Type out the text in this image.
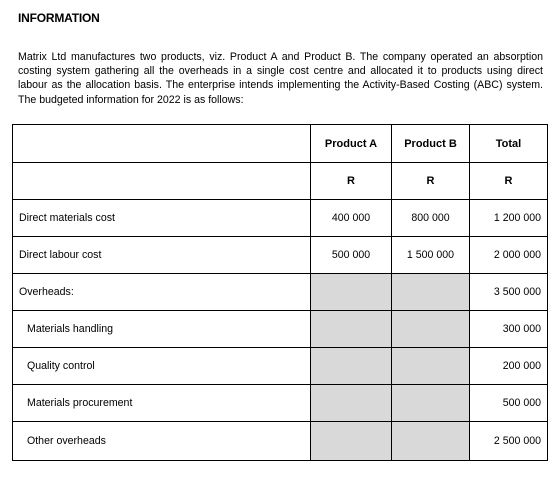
INFORMATION
Matrix Ltd manufactures two products, viz. Product A and Product B. The company operated an absorption costing system gathering all the overheads in a single cost centre and allocated it to products using direct labour as the allocation basis. The enterprise intends implementing the Activity-Based Costing (ABC) system. The budgeted information for 2022 is as follows:
	Product A	Product B	Total
	R	R	R
Direct materials cost	400 000	800 000	1 200 000
Direct labour cost	500 000	1 500 000	2 000 000
Overheads:			3 500 000
Materials handling			300 000
Quality control			200 000
Materials procurement			500 000
Other overheads			2 500 000
